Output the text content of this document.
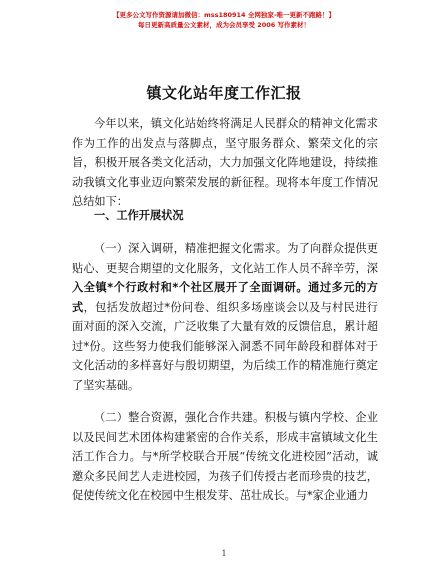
【更多公文写作资源请加微信：mss180914 全网独家-唯一更新不跑路！】
每日更新高质量公文素材，成为会员享受 2006 写作素材！
镇文化站年度工作汇报

今年以来，镇文化站始终将满足人民群众的精神文化需求作为工作的出发点与落脚点，坚守服务群众、繁荣文化的宗旨，积极开展各类文化活动，大力加强文化阵地建设，持续推动我镇文化事业迈向繁荣发展的新征程。现将本年度工作情况总结如下：

一、工作开展状况

（一）深入调研，精准把握文化需求。为了向群众提供更贴心、更契合期望的文化服务，文化站工作人员不辞辛劳，深入全镇*个行政村和*个社区展开了全面调研。通过多元的方式，包括发放超过*份问卷、组织多场座谈会以及与村民进行面对面的深入交流，广泛收集了大量有效的反馈信息，累计超过*份。这些努力使我们能够深入洞悉不同年龄段和群体对于文化活动的多样喜好与殷切期望，为后续工作的精准施行奠定了坚实基础。

（二）整合资源，强化合作共建。积极与镇内学校、企业以及民间艺术团体构建紧密的合作关系，形成丰富镇域文化生活工作合力。与*所学校联合开展“传统文化进校园”活动，诚邀众多民间艺人走进校园，为孩子们传授古老而珍贵的技艺，促使传统文化在校园中生根发芽、茁壮成长。与*家企业通力

1
